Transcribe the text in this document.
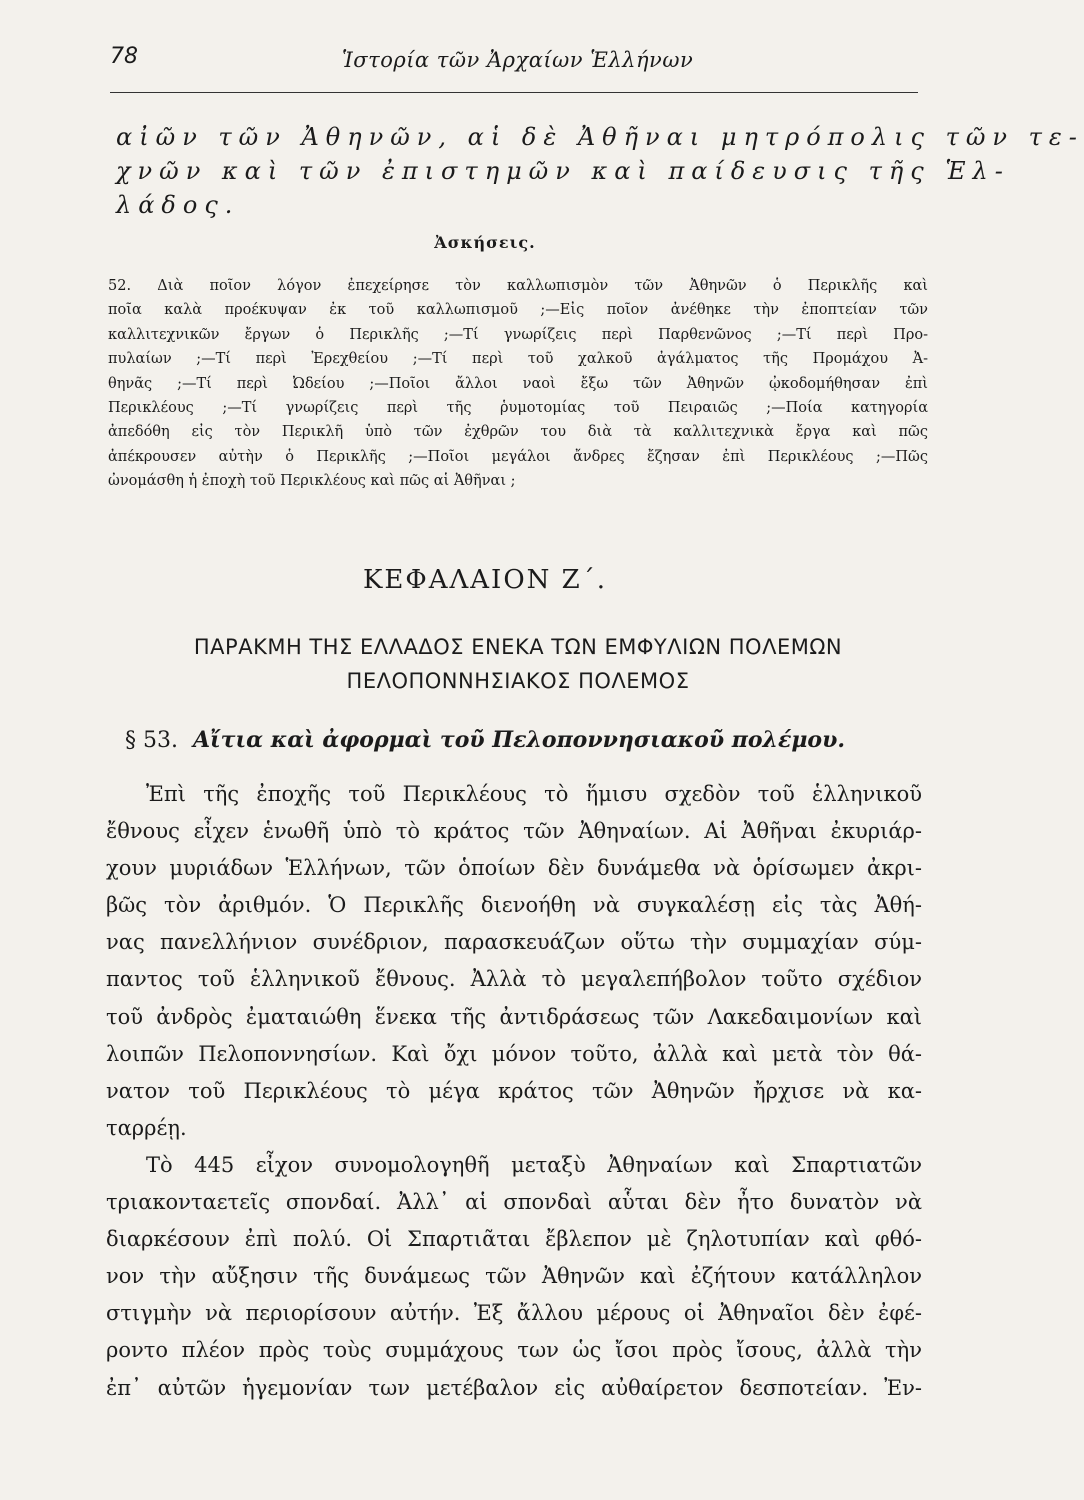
78	Ἱστορία τῶν Ἀρχαίων Ἑλλήνων
αἰῶν τῶν Ἀθηνῶν, αἱ δὲ Ἀθῆναι μητρόπολις τῶν τε-
χνῶν καὶ τῶν ἐπιστημῶν καὶ παίδευσις τῆς Ἑλ-
λάδος.
Ἀσκήσεις.
52. Διὰ ποῖον λόγον ἐπεχείρησε τὸν καλλωπισμὸν τῶν Ἀθηνῶν ὁ Περικλῆς καὶ
ποῖα καλὰ προέκυψαν ἐκ τοῦ καλλωπισμοῦ ;—Εἰς ποῖον ἀνέθηκε τὴν ἐποπτείαν τῶν
καλλιτεχνικῶν ἔργων ὁ Περικλῆς ;—Τί γνωρίζεις περὶ Παρθενῶνος ;—Τί περὶ Προ-
πυλαίων ;—Τί περὶ Ἐρεχθείου ;—Τί περὶ τοῦ χαλκοῦ ἀγάλματος τῆς Προμάχου Ἀ-
θηνᾶς ;—Τί περὶ Ὠδείου ;—Ποῖοι ἄλλοι ναοὶ ἔξω τῶν Ἀθηνῶν ᾠκοδομήθησαν ἐπὶ
Περικλέους ;—Τί γνωρίζεις περὶ τῆς ῥυμοτομίας τοῦ Πειραιῶς ;—Ποία κατηγορία
ἀπεδόθη εἰς τὸν Περικλῆ ὑπὸ τῶν ἐχθρῶν του διὰ τὰ καλλιτεχνικὰ ἔργα καὶ πῶς
ἀπέκρουσεν αὐτὴν ὁ Περικλῆς ;—Ποῖοι μεγάλοι ἄνδρες ἔζησαν ἐπὶ Περικλέους ;—Πῶς
ὠνομάσθη ἡ ἐποχὴ τοῦ Περικλέους καὶ πῶς αἱ Ἀθῆναι ;
ΚΕΦΑΛΑΙΟΝ Ζ΄.
ΠΑΡΑΚΜΗ ΤΗΣ ΕΛΛΑΔΟΣ ΕΝΕΚΑ ΤΩΝ ΕΜΦΥΛΙΩΝ ΠΟΛΕΜΩΝ
ΠΕΛΟΠΟΝΝΗΣΙΑΚΟΣ ΠΟΛΕΜΟΣ
§ 53. Αἴτια καὶ ἀφορμαὶ τοῦ Πελοποννησιακοῦ πολέμου.
Ἐπὶ τῆς ἐποχῆς τοῦ Περικλέους τὸ ἥμισυ σχεδὸν τοῦ ἑλληνικοῦ
ἔθνους εἶχεν ἑνωθῆ ὑπὸ τὸ κράτος τῶν Ἀθηναίων. Αἱ Ἀθῆναι ἐκυριάρ-
χουν μυριάδων Ἑλλήνων, τῶν ὁποίων δὲν δυνάμεθα νὰ ὁρίσωμεν ἀκρι-
βῶς τὸν ἀριθμόν. Ὁ Περικλῆς διενοήθη νὰ συγκαλέσῃ εἰς τὰς Ἀθή-
νας πανελλήνιον συνέδριον, παρασκευάζων οὕτω τὴν συμμαχίαν σύμ-
παντος τοῦ ἑλληνικοῦ ἔθνους. Ἀλλὰ τὸ μεγαλεπήβολον τοῦτο σχέδιον
τοῦ ἀνδρὸς ἐματαιώθη ἕνεκα τῆς ἀντιδράσεως τῶν Λακεδαιμονίων καὶ
λοιπῶν Πελοποννησίων. Καὶ ὄχι μόνον τοῦτο, ἀλλὰ καὶ μετὰ τὸν θά-
νατον τοῦ Περικλέους τὸ μέγα κράτος τῶν Ἀθηνῶν ἤρχισε νὰ κα-
ταρρέῃ.
Τὸ 445 εἶχον συνομολογηθῆ μεταξὺ Ἀθηναίων καὶ Σπαρτιατῶν
τριακονταετεῖς σπονδαί. Ἀλλ᾽ αἱ σπονδαὶ αὗται δὲν ἦτο δυνατὸν νὰ
διαρκέσουν ἐπὶ πολύ. Οἱ Σπαρτιᾶται ἔβλεπον μὲ ζηλοτυπίαν καὶ φθό-
νον τὴν αὔξησιν τῆς δυνάμεως τῶν Ἀθηνῶν καὶ ἐζήτουν κατάλληλον
στιγμὴν νὰ περιορίσουν αὐτήν. Ἐξ ἄλλου μέρους οἱ Ἀθηναῖοι δὲν ἐφέ-
ροντο πλέον πρὸς τοὺς συμμάχους των ὡς ἴσοι πρὸς ἴσους, ἀλλὰ τὴν
ἐπ᾽ αὐτῶν ἡγεμονίαν των μετέβαλον εἰς αὐθαίρετον δεσποτείαν. Ἐν-
